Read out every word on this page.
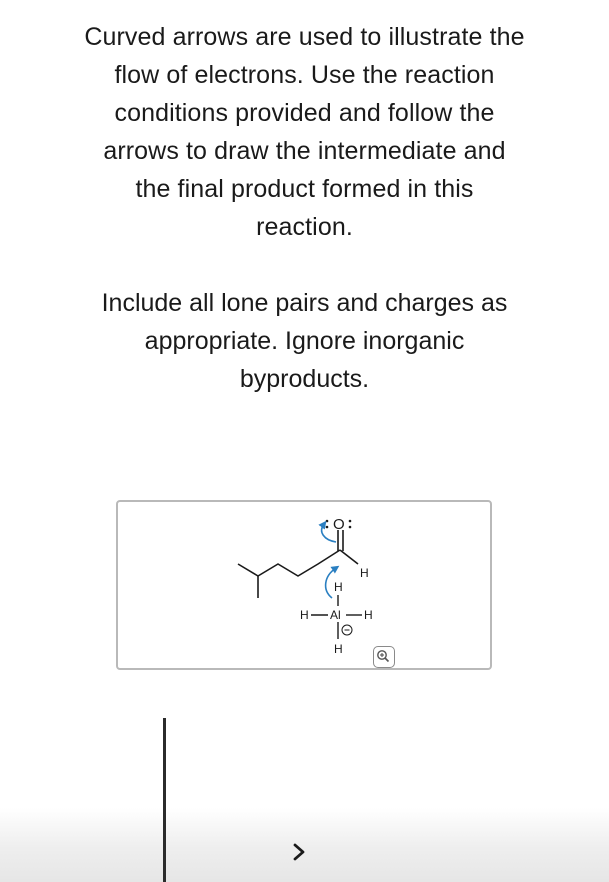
Curved arrows are used to illustrate the

flow of electrons. Use the reaction

conditions provided and follow the

arrows to draw the intermediate and

the final product formed in this

reaction.

Include all lone pairs and charges as

appropriate. Ignore inorganic

byproducts.

O
H
H
Al
H	H
H
